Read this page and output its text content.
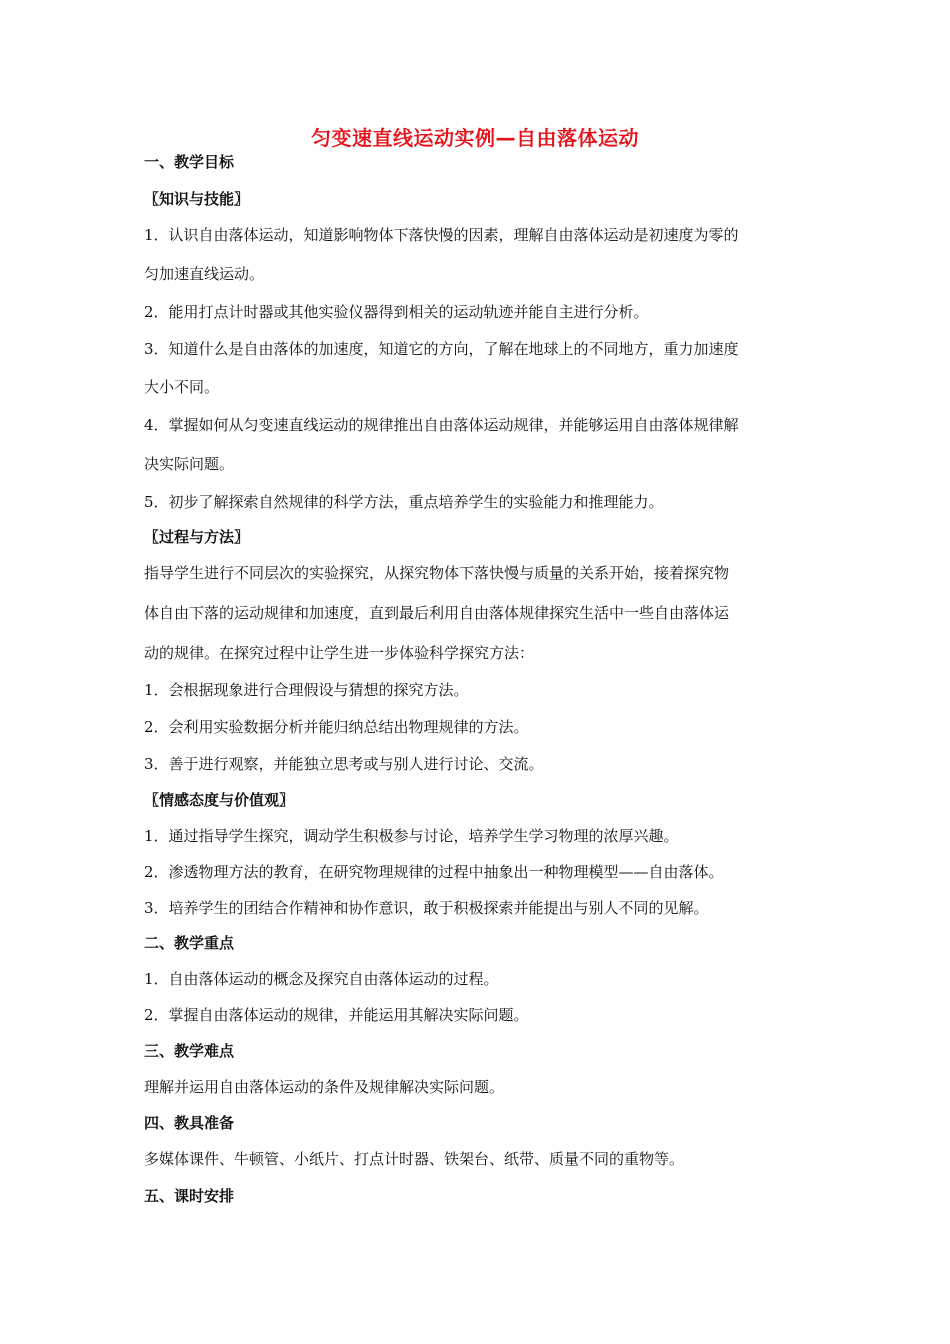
匀变速直线运动实例—自由落体运动
一、教学目标
〖知识与技能〗
1．认识自由落体运动，知道影响物体下落快慢的因素，理解自由落体运动是初速度为零的
匀加速直线运动。
2．能用打点计时器或其他实验仪器得到相关的运动轨迹并能自主进行分析。
3．知道什么是自由落体的加速度，知道它的方向，了解在地球上的不同地方，重力加速度
大小不同。
4．掌握如何从匀变速直线运动的规律推出自由落体运动规律，并能够运用自由落体规律解
决实际问题。
5．初步了解探索自然规律的科学方法，重点培养学生的实验能力和推理能力。
〖过程与方法〗
指导学生进行不同层次的实验探究，从探究物体下落快慢与质量的关系开始，接着探究物
体自由下落的运动规律和加速度，直到最后利用自由落体规律探究生活中一些自由落体运
动的规律。在探究过程中让学生进一步体验科学探究方法：
1．会根据现象进行合理假设与猜想的探究方法。
2．会利用实验数据分析并能归纳总结出物理规律的方法。
3．善于进行观察，并能独立思考或与别人进行讨论、交流。
〖情感态度与价值观〗
1．通过指导学生探究，调动学生积极参与讨论，培养学生学习物理的浓厚兴趣。
2．渗透物理方法的教育，在研究物理规律的过程中抽象出一种物理模型——自由落体。
3．培养学生的团结合作精神和协作意识，敢于积极探索并能提出与别人不同的见解。
二、教学重点
1．自由落体运动的概念及探究自由落体运动的过程。
2．掌握自由落体运动的规律，并能运用其解决实际问题。
三、教学难点
理解并运用自由落体运动的条件及规律解决实际问题。
四、教具准备
多媒体课件、牛顿管、小纸片、打点计时器、铁架台、纸带、质量不同的重物等。
五、课时安排
